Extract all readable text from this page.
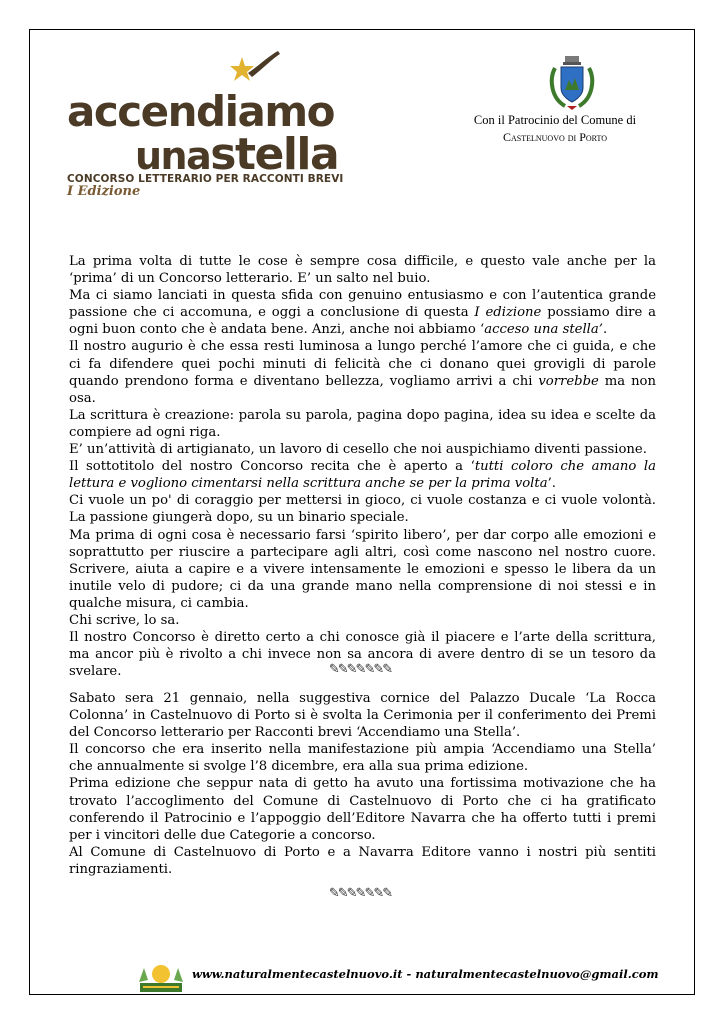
accendiamo
unastella
CONCORSO LETTERARIO PER RACCONTI BREVI
I Edizione
Con il Patrocinio del Comune di
Castelnuovo di Porto

La prima volta di tutte le cose è sempre cosa difficile, e questo vale anche per la ‘prima’ di un Concorso letterario. E’ un salto nel buio.

Ma ci siamo lanciati in questa sfida con genuino entusiasmo e con l’autentica grande passione che ci accomuna, e oggi a conclusione di questa I edizione possiamo dire a ogni buon conto che è andata bene. Anzi, anche noi abbiamo ‘acceso una stella’.

Il nostro augurio è che essa resti luminosa a lungo perché l’amore che ci guida, e che ci fa difendere quei pochi minuti di felicità che ci donano quei grovigli di parole quando prendono forma e diventano bellezza, vogliamo arrivi a chi vorrebbe ma non osa.

La scrittura è creazione: parola su parola, pagina dopo pagina, idea su idea e scelte da compiere ad ogni riga.

E’ un’attività di artigianato, un lavoro di cesello che noi auspichiamo diventi passione.

Il sottotitolo del nostro Concorso recita che è aperto a ‘tutti coloro che amano la lettura e vogliono cimentarsi nella scrittura anche se per la prima volta’.

Ci vuole un po' di coraggio per mettersi in gioco, ci vuole costanza e ci vuole volontà. La passione giungerà dopo, su un binario speciale.

Ma prima di ogni cosa è necessario farsi ‘spirito libero’, per dar corpo alle emozioni e soprattutto per riuscire a partecipare agli altri, così come nascono nel nostro cuore. Scrivere, aiuta a capire e a vivere intensamente le emozioni e spesso le libera da un inutile velo di pudore; ci da una grande mano nella comprensione di noi stessi e in qualche misura, ci cambia.

Chi scrive, lo sa.

Il nostro Concorso è diretto certo a chi conosce già il piacere e l’arte della scrittura, ma ancor più è rivolto a chi invece non sa ancora di avere dentro di se un tesoro da svelare.	✎✎✎✎✎✎✎

Sabato sera 21 gennaio, nella suggestiva cornice del Palazzo Ducale ‘La Rocca Colonna’ in Castelnuovo di Porto si è svolta la Cerimonia per il conferimento dei Premi del Concorso letterario per Racconti brevi ‘Accendiamo una Stella’.

Il concorso che era inserito nella manifestazione più ampia ‘Accendiamo una Stella’ che annualmente si svolge l’8 dicembre, era alla sua prima edizione.

Prima edizione che seppur nata di getto ha avuto una fortissima motivazione che ha trovato l’accoglimento del Comune di Castelnuovo di Porto che ci ha gratificato conferendo il Patrocinio e l’appoggio dell’Editore Navarra che ha offerto tutti i premi per i vincitori delle due Categorie a concorso.

Al Comune di Castelnuovo di Porto e a Navarra Editore vanno i nostri più sentiti ringraziamenti.

✎✎✎✎✎✎✎
www.naturalmentecastelnuovo.it - naturalmentecastelnuovo@gmail.com
